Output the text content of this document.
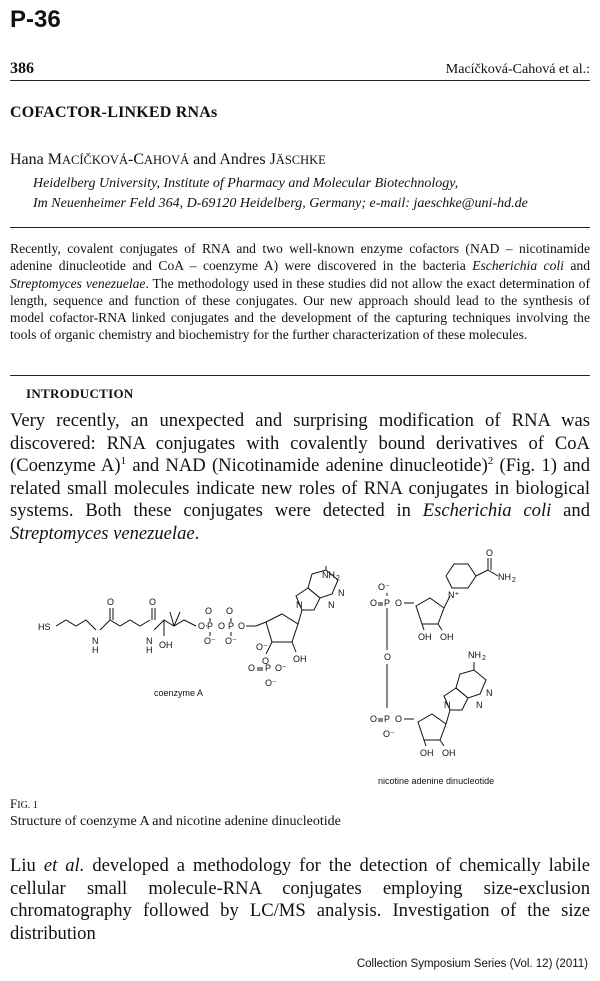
P-36
386	Macíčková-Cahová et al.:
COFACTOR-LINKED RNAs
Hana MACÍČKOVÁ-CAHOVÁ and Andres JÄSCHKE
Heidelberg University, Institute of Pharmacy and Molecular Biotechnology,
Im Neuenheimer Feld 364, D-69120 Heidelberg, Germany; e-mail: jaeschke@uni-hd.de
Recently, covalent conjugates of RNA and two well-known enzyme cofactors (NAD – nicotinamide adenine dinucleotide and CoA – coenzyme A) were discovered in the bacteria Escherichia coli and Streptomyces venezuelae. The methodology used in these studies did not allow the exact determination of length, sequence and function of these conjugates. Our new approach should lead to the synthesis of model cofactor-RNA linked conjugates and the development of the capturing techniques involving the tools of organic chemistry and biochemistry for the further characterization of these molecules.
INTRODUCTION
Very recently, an unexpected and surprising modification of RNA was discovered: RNA conjugates with covalently bound derivatives of CoA (Coenzyme A)$^1$ and NAD (Nicotinamide adenine dinucleotide)$^2$ (Fig. 1) and related small molecules indicate new roles of RNA conjugates in biological systems. Both these conjugates were detected in Escherichia coli and Streptomyces venezuelae.
HS
N
H
O
N
H
O
OH
O P
O
O⁻
O P
O
O⁻
O
OH
O
O⁻
O P O⁻
O⁻
NH 2
N
N
N
coenzyme A
O⁻
O P O
OH OH
N⁺
O
NH 2
O
O P O
O⁻
OH OH
NH 2
N
N
N
nicotine adenine dinucleotide
FIG. 1
Structure of coenzyme A and nicotine adenine dinucleotide
Liu et al. developed a methodology for the detection of chemically labile cellular small molecule-RNA conjugates employing size-exclusion chromatography followed by LC/MS analysis. Investigation of the size distribution
Collection Symposium Series (Vol. 12) (2011)
